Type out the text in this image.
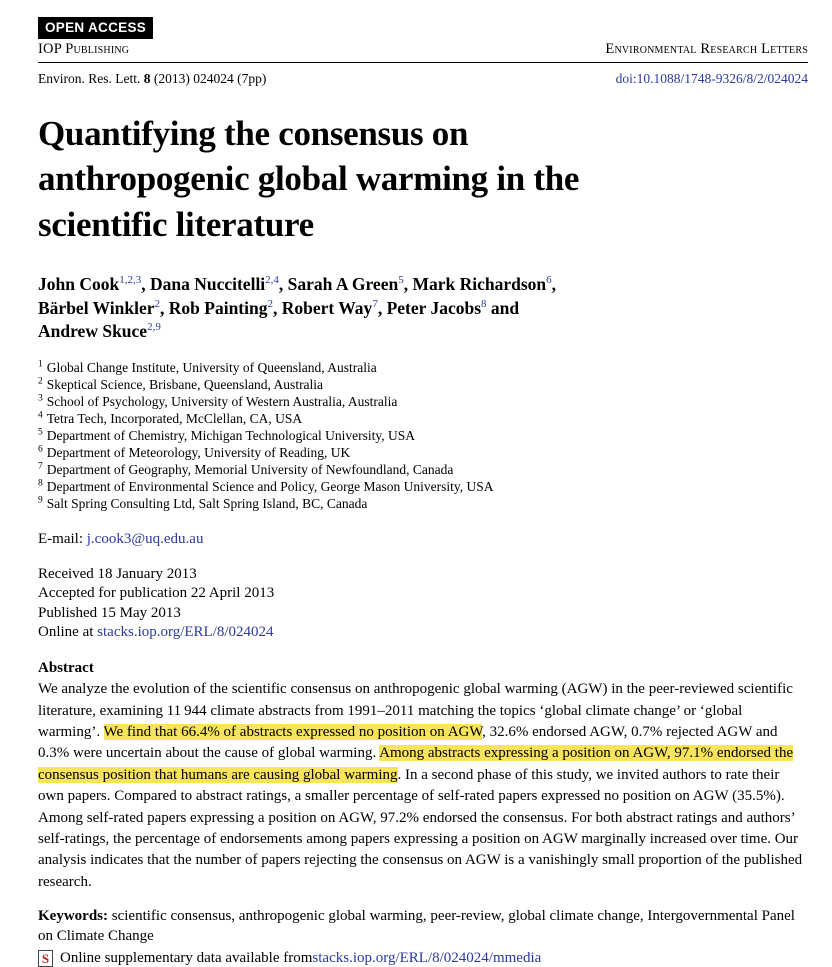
OPEN ACCESS
IOP Publishing	Environmental Research Letters
Environ. Res. Lett. 8 (2013) 024024 (7pp)	doi:10.1088/1748-9326/8/2/024024
Quantifying the consensus on
anthropogenic global warming in the
scientific literature
John Cook$^{1,2,3}$, Dana Nuccitelli$^{2,4}$, Sarah A Green$^5$, Mark Richardson$^6$,
Bärbel Winkler$^2$, Rob Painting$^2$, Robert Way$^7$, Peter Jacobs$^8$ and
Andrew Skuce$^{2,9}$
$^1$ Global Change Institute, University of Queensland, Australia
$^2$ Skeptical Science, Brisbane, Queensland, Australia
$^3$ School of Psychology, University of Western Australia, Australia
$^4$ Tetra Tech, Incorporated, McClellan, CA, USA
$^5$ Department of Chemistry, Michigan Technological University, USA
$^6$ Department of Meteorology, University of Reading, UK
$^7$ Department of Geography, Memorial University of Newfoundland, Canada
$^8$ Department of Environmental Science and Policy, George Mason University, USA
$^9$ Salt Spring Consulting Ltd, Salt Spring Island, BC, Canada
E-mail: j.cook3@uq.edu.au
Received 18 January 2013
Accepted for publication 22 April 2013
Published 15 May 2013
Online at stacks.iop.org/ERL/8/024024
Abstract
We analyze the evolution of the scientific consensus on anthropogenic global warming (AGW) in the peer-reviewed scientific literature, examining 11 944 climate abstracts from 1991–2011 matching the topics ‘global climate change’ or ‘global warming’. We find that 66.4% of abstracts expressed no position on AGW, 32.6% endorsed AGW, 0.7% rejected AGW and 0.3% were uncertain about the cause of global warming. Among abstracts expressing a position on AGW, 97.1% endorsed the consensus position that humans are causing global warming. In a second phase of this study, we invited authors to rate their own papers. Compared to abstract ratings, a smaller percentage of self-rated papers expressed no position on AGW (35.5%). Among self-rated papers expressing a position on AGW, 97.2% endorsed the consensus. For both abstract ratings and authors’ self-ratings, the percentage of endorsements among papers expressing a position on AGW marginally increased over time. Our analysis indicates that the number of papers rejecting the consensus on AGW is a vanishingly small proportion of the published research.
Keywords: scientific consensus, anthropogenic global warming, peer-review, global climate change, Intergovernmental Panel on Climate Change
S Online supplementary data available from stacks.iop.org/ERL/8/024024/mmedia
